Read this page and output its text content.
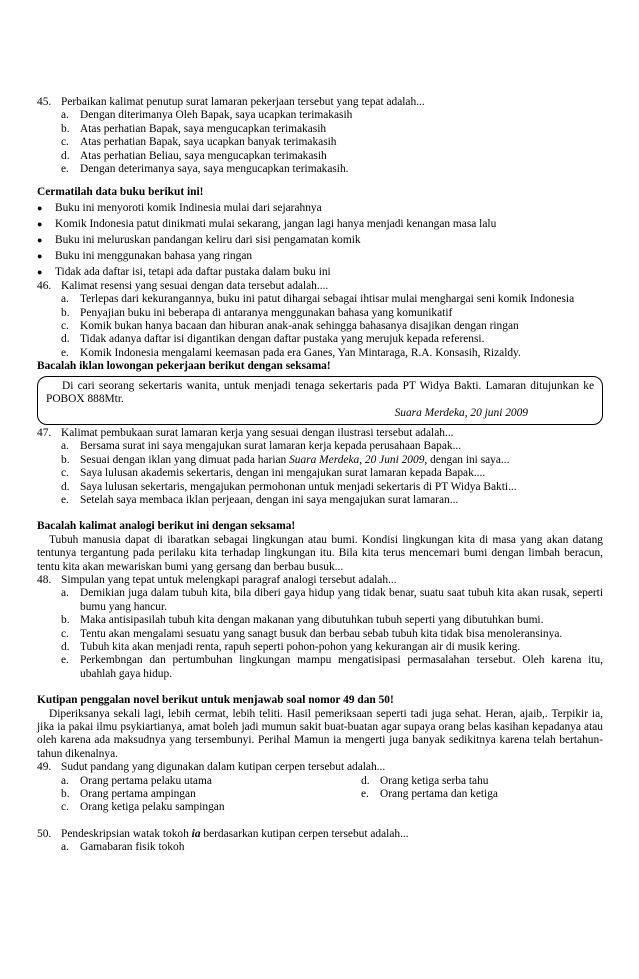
45. Perbaikan kalimat penutup surat lamaran pekerjaan tersebut yang tepat adalah...
a. Dengan diterimanya Oleh Bapak, saya ucapkan terimakasih
b. Atas perhatian Bapak, saya mengucapkan terimakasih
c. Atas perhatian Bapak, saya ucapkan banyak terimakasih
d. Atas perhatian Beliau, saya mengucapkan terimakasih
e. Dengan deterimanya saya, saya mengucapkan terimakasih.
Cermatilah data buku berikut ini!
●	Buku ini menyoroti komik Indinesia mulai dari sejarahnya
●	Komik Indonesia patut dinikmati mulai sekarang, jangan lagi hanya menjadi kenangan masa lalu
●	Buku ini meluruskan pandangan keliru dari sisi pengamatan komik
●	Buku ini menggunakan bahasa yang ringan
●	Tidak ada daftar isi, tetapi ada daftar pustaka dalam buku ini
46. Kalimat resensi yang sesuai dengan data tersebut adalah....
a. Terlepas dari kekurangannya, buku ini patut dihargai sebagai ihtisar mulai menghargai seni komik Indonesia
b. Penyajian buku ini beberapa di antaranya menggunakan bahasa yang komunikatif
c. Komik bukan hanya bacaan dan hiburan anak-anak sehingga bahasanya disajikan dengan ringan
d. Tidak adanya daftar isi digantikan dengan daftar pustaka yang merujuk kepada referensi.
e. Komik Indonesia mengalami keemasan pada era Ganes, Yan Mintaraga, R.A. Konsasih, Rizaldy.
Bacalah iklan lowongan pekerjaan berikut dengan seksama!
Di cari seorang sekertaris wanita, untuk menjadi tenaga sekertaris pada PT Widya Bakti. Lamaran ditujunkan ke POBOX 888Mtr.
Suara Merdeka, 20 juni 2009
47. Kalimat pembukaan surat lamaran kerja yang sesuai dengan ilustrasi tersebut adalah...
a. Bersama surat ini saya mengajukan surat lamaran kerja kepada perusahaan Bapak...
b. Sesuai dengan iklan yang dimuat pada harian Suara Merdeka, 20 Juni 2009, dengan ini saya...
c. Saya lulusan akademis sekertaris, dengan ini mengajukan surat lamaran kepada Bapak....
d. Saya lulusan sekertaris, mengajukan permohonan untuk menjadi sekertaris di PT Widya Bakti...
e. Setelah saya membaca iklan perjeaan, dengan ini saya mengajukan surat lamaran...
Bacalah kalimat analogi berikut ini dengan seksama!
Tubuh manusia dapat di ibaratkan sebagai lingkungan atau bumi. Kondisi lingkungan kita di masa yang akan datang tentunya tergantung pada perilaku kita terhadap lingkungan itu. Bila kita terus mencemari bumi dengan limbah beracun, tentu kita akan mewariskan bumi yang gersang dan berbau busuk...
48. Simpulan yang tepat untuk melengkapi paragraf analogi tersebut adalah...
a. Demikian juga dalam tubuh kita, bila diberi gaya hidup yang tidak benar, suatu saat tubuh kita akan rusak, seperti bumu yang hancur.
b. Maka antisipasilah tubuh kita dengan makanan yang dibutuhkan tubuh seperti yang dibutuhkan bumi.
c. Tentu akan mengalami sesuatu yang sanagt busuk dan berbau sebab tubuh kita tidak bisa menoleransinya.
d. Tubuh kita akan menjadi renta, rapuh seperti pohon-pohon yang kekurangan air di musik kering.
e. Perkembngan dan pertumbuhan lingkungan mampu mengatisipasi permasalahan tersebut. Oleh karena itu, ubahlah gaya hidup.
Kutipan penggalan novel berikut untuk menjawab soal nomor 49 dan 50!
Diperiksanya sekali lagi, lebih cermat, lebih teliti. Hasil pemeriksaan seperti tadi juga sehat. Heran, ajaib,. Terpikir ia, jika ia pakai ilmu psykiartianya, amat boleh jadi mumun sakit buat-buatan agar supaya orang belas kasihan kepadanya atau oleh karena ada maksudnya yang tersembunyi. Perihal Mamun ia mengerti juga banyak sedikitnya karena telah bertahun-tahun dikenalnya.
49. Sudut pandang yang digunakan dalam kutipan cerpen tersebut adalah...
a. Orang pertama pelaku utama	d. Orang ketiga serba tahu
b. Orang pertama ampingan	e. Orang pertama dan ketiga
c. Orang ketiga pelaku sampingan
50. Pendeskripsian watak tokoh ia berdasarkan kutipan cerpen tersebut adalah...
a. Gamabaran fisik tokoh
